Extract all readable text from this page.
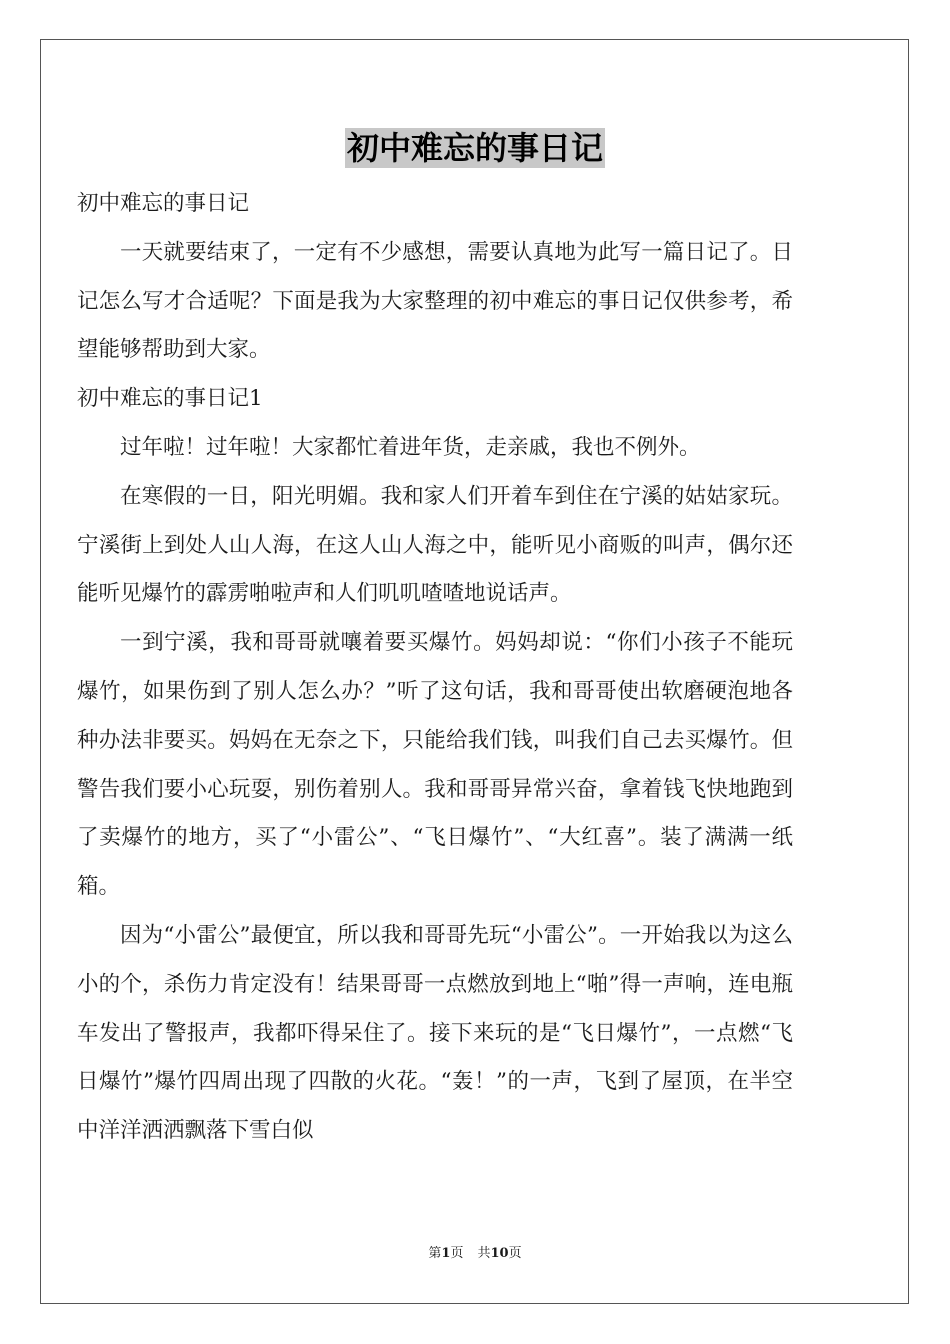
初中难忘的事日记

初中难忘的事日记

一天就要结束了，一定有不少感想，需要认真地为此写一篇日记了。日记怎么写才合适呢？下面是我为大家整理的初中难忘的事日记仅供参考，希望能够帮助到大家。

初中难忘的事日记1

过年啦！过年啦！大家都忙着进年货，走亲戚，我也不例外。

在寒假的一日，阳光明媚。我和家人们开着车到住在宁溪的姑姑家玩。宁溪街上到处人山人海，在这人山人海之中，能听见小商贩的叫声，偶尔还能听见爆竹的霹雳啪啦声和人们叽叽喳喳地说话声。

一到宁溪，我和哥哥就嚷着要买爆竹。妈妈却说：“你们小孩子不能玩爆竹，如果伤到了别人怎么办？”听了这句话，我和哥哥使出软磨硬泡地各种办法非要买。妈妈在无奈之下，只能给我们钱，叫我们自己去买爆竹。但警告我们要小心玩耍，别伤着别人。我和哥哥异常兴奋，拿着钱飞快地跑到了卖爆竹的地方，买了“小雷公”、“飞日爆竹”、“大红喜”。装了满满一纸箱。

因为“小雷公”最便宜，所以我和哥哥先玩“小雷公”。一开始我以为这么小的个，杀伤力肯定没有！结果哥哥一点燃放到地上“啪”得一声响，连电瓶车发出了警报声，我都吓得呆住了。接下来玩的是“飞日爆竹”，一点燃“飞日爆竹”爆竹四周出现了四散的火花。“轰！”的一声，飞到了屋顶，在半空中洋洋洒洒飘落下雪白似

第1页 共10页
